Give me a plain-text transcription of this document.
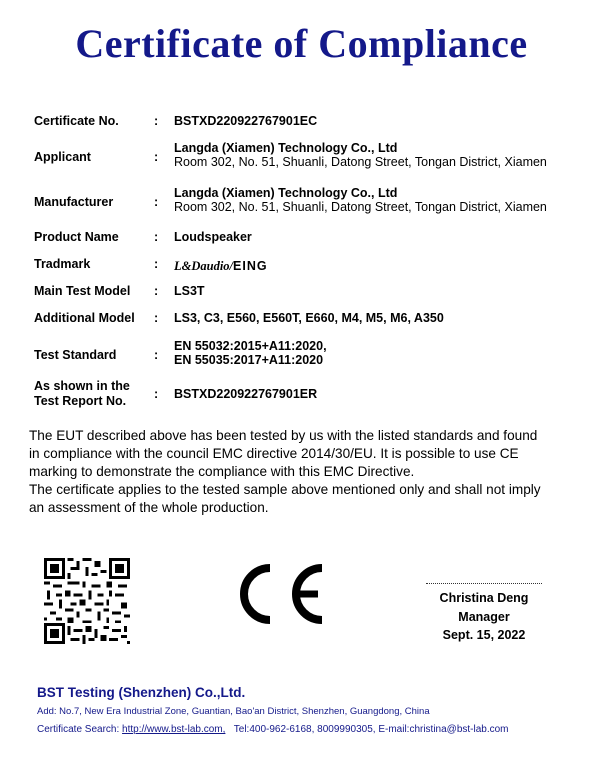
Certificate of Compliance
Certificate No.	: BSTXD220922767901EC
Applicant	:
Langda (Xiamen) Technology Co., Ltd
Room 302, No. 51, Shuanli, Datong Street, Tongan District, Xiamen
Manufacturer	:
Langda (Xiamen) Technology Co., Ltd
Room 302, No. 51, Shuanli, Datong Street, Tongan District, Xiamen
Product Name	: Loudspeaker
Tradmark	: L&Daudio/EING
Main Test Model : LS3T
Additional Model : LS3, C3, E560, E560T, E660, M4, M5, M6, A350
Test Standard	:
EN 55032:2015+A11:2020,
EN 55035:2017+A11:2020
As shown in the
Test Report No. : BSTXD220922767901ER
The EUT described above has been tested by us with the listed standards and found
in compliance with the council EMC directive 2014/30/EU. It is possible to use CE
marking to demonstrate the compliance with this EMC Directive.
The certificate applies to the tested sample above mentioned only and shall not imply
an assessment of the whole production.
Christina Deng
Manager
Sept. 15, 2022
BST Testing (Shenzhen) Co.,Ltd.
Add: No.7, New Era Industrial Zone, Guantian, Bao'an District, Shenzhen, Guangdong, China
Certificate Search: http://www.bst-lab.com, Tel:400-962-6168, 8009990305, E-mail:christina@bst-lab.com
